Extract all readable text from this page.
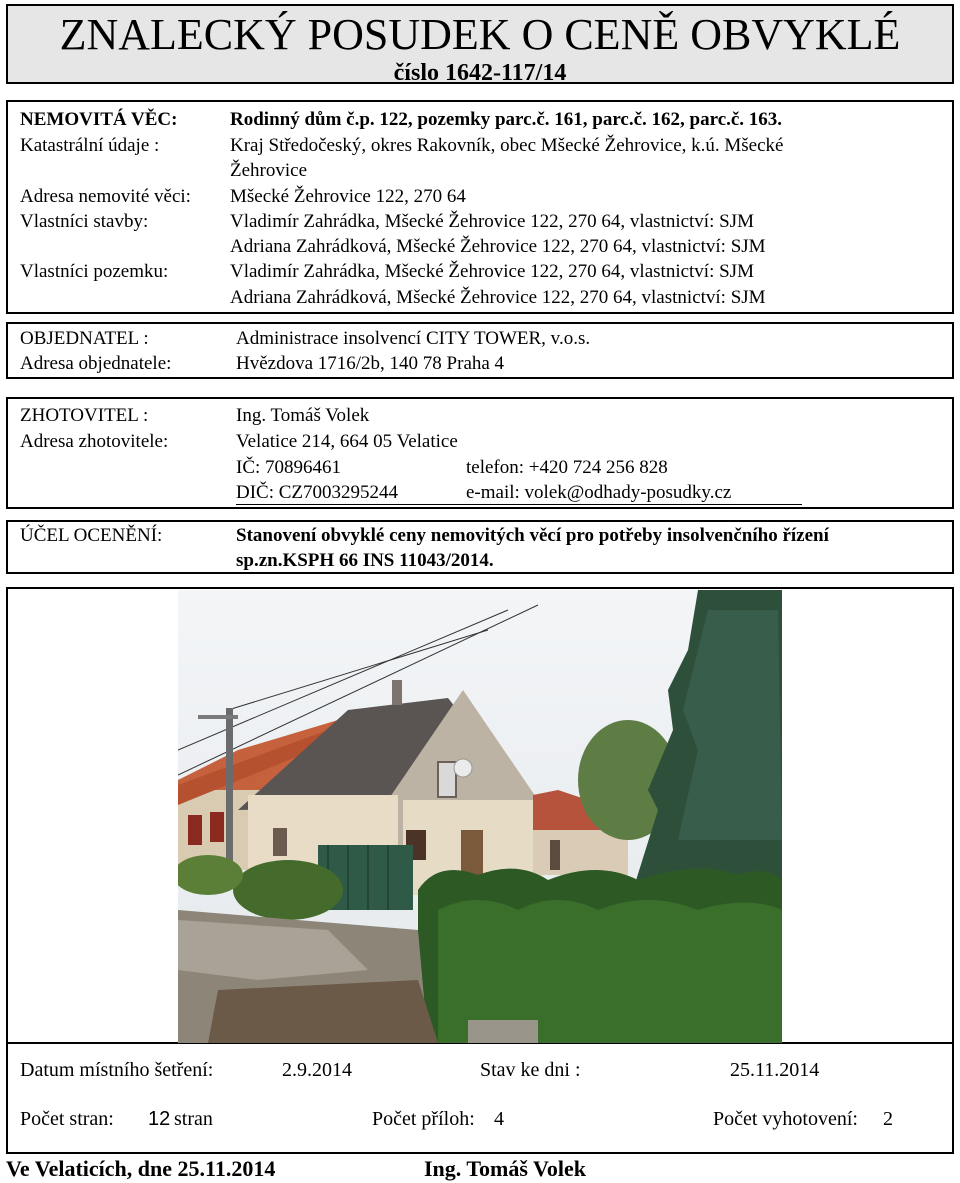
ZNALECKÝ POSUDEK O CENĚ OBVYKLÉ
číslo 1642-117/14
NEMOVITÁ VĚC:	Rodinný dům č.p. 122, pozemky parc.č. 161, parc.č. 162, parc.č. 163.
Katastrální údaje :	Kraj Středočeský, okres Rakovník, obec Mšecké Žehrovice, k.ú. Mšecké
Žehrovice
Adresa nemovité věci: Mšecké Žehrovice 122, 270 64
Vlastníci stavby:	Vladimír Zahrádka, Mšecké Žehrovice 122, 270 64, vlastnictví: SJM
Adriana Zahrádková, Mšecké Žehrovice 122, 270 64, vlastnictví: SJM
Vlastníci pozemku:	Vladimír Zahrádka, Mšecké Žehrovice 122, 270 64, vlastnictví: SJM
Adriana Zahrádková, Mšecké Žehrovice 122, 270 64, vlastnictví: SJM
OBJEDNATEL :	Administrace insolvencí CITY TOWER, v.o.s.
Adresa objednatele:	Hvězdova 1716/2b, 140 78 Praha 4
ZHOTOVITEL :	Ing. Tomáš Volek
Adresa zhotovitele:	Velatice 214, 664 05 Velatice
IČ: 70896461	telefon: +420 724 256 828
DIČ: CZ7003295244	e-mail: volek@odhady-posudky.cz
ÚČEL OCENĚNÍ:	Stanovení obvyklé ceny nemovitých věcí pro potřeby insolvenčního řízení
sp.zn.KSPH 66 INS 11043/2014.
Datum místního šetření:	2.9.2014	Stav ke dni :	25.11.2014
Počet stran: 12 stran	Počet příloh: 4	Počet vyhotovení: 2
Ve Velaticích, dne 25.11.2014	Ing. Tomáš Volek
